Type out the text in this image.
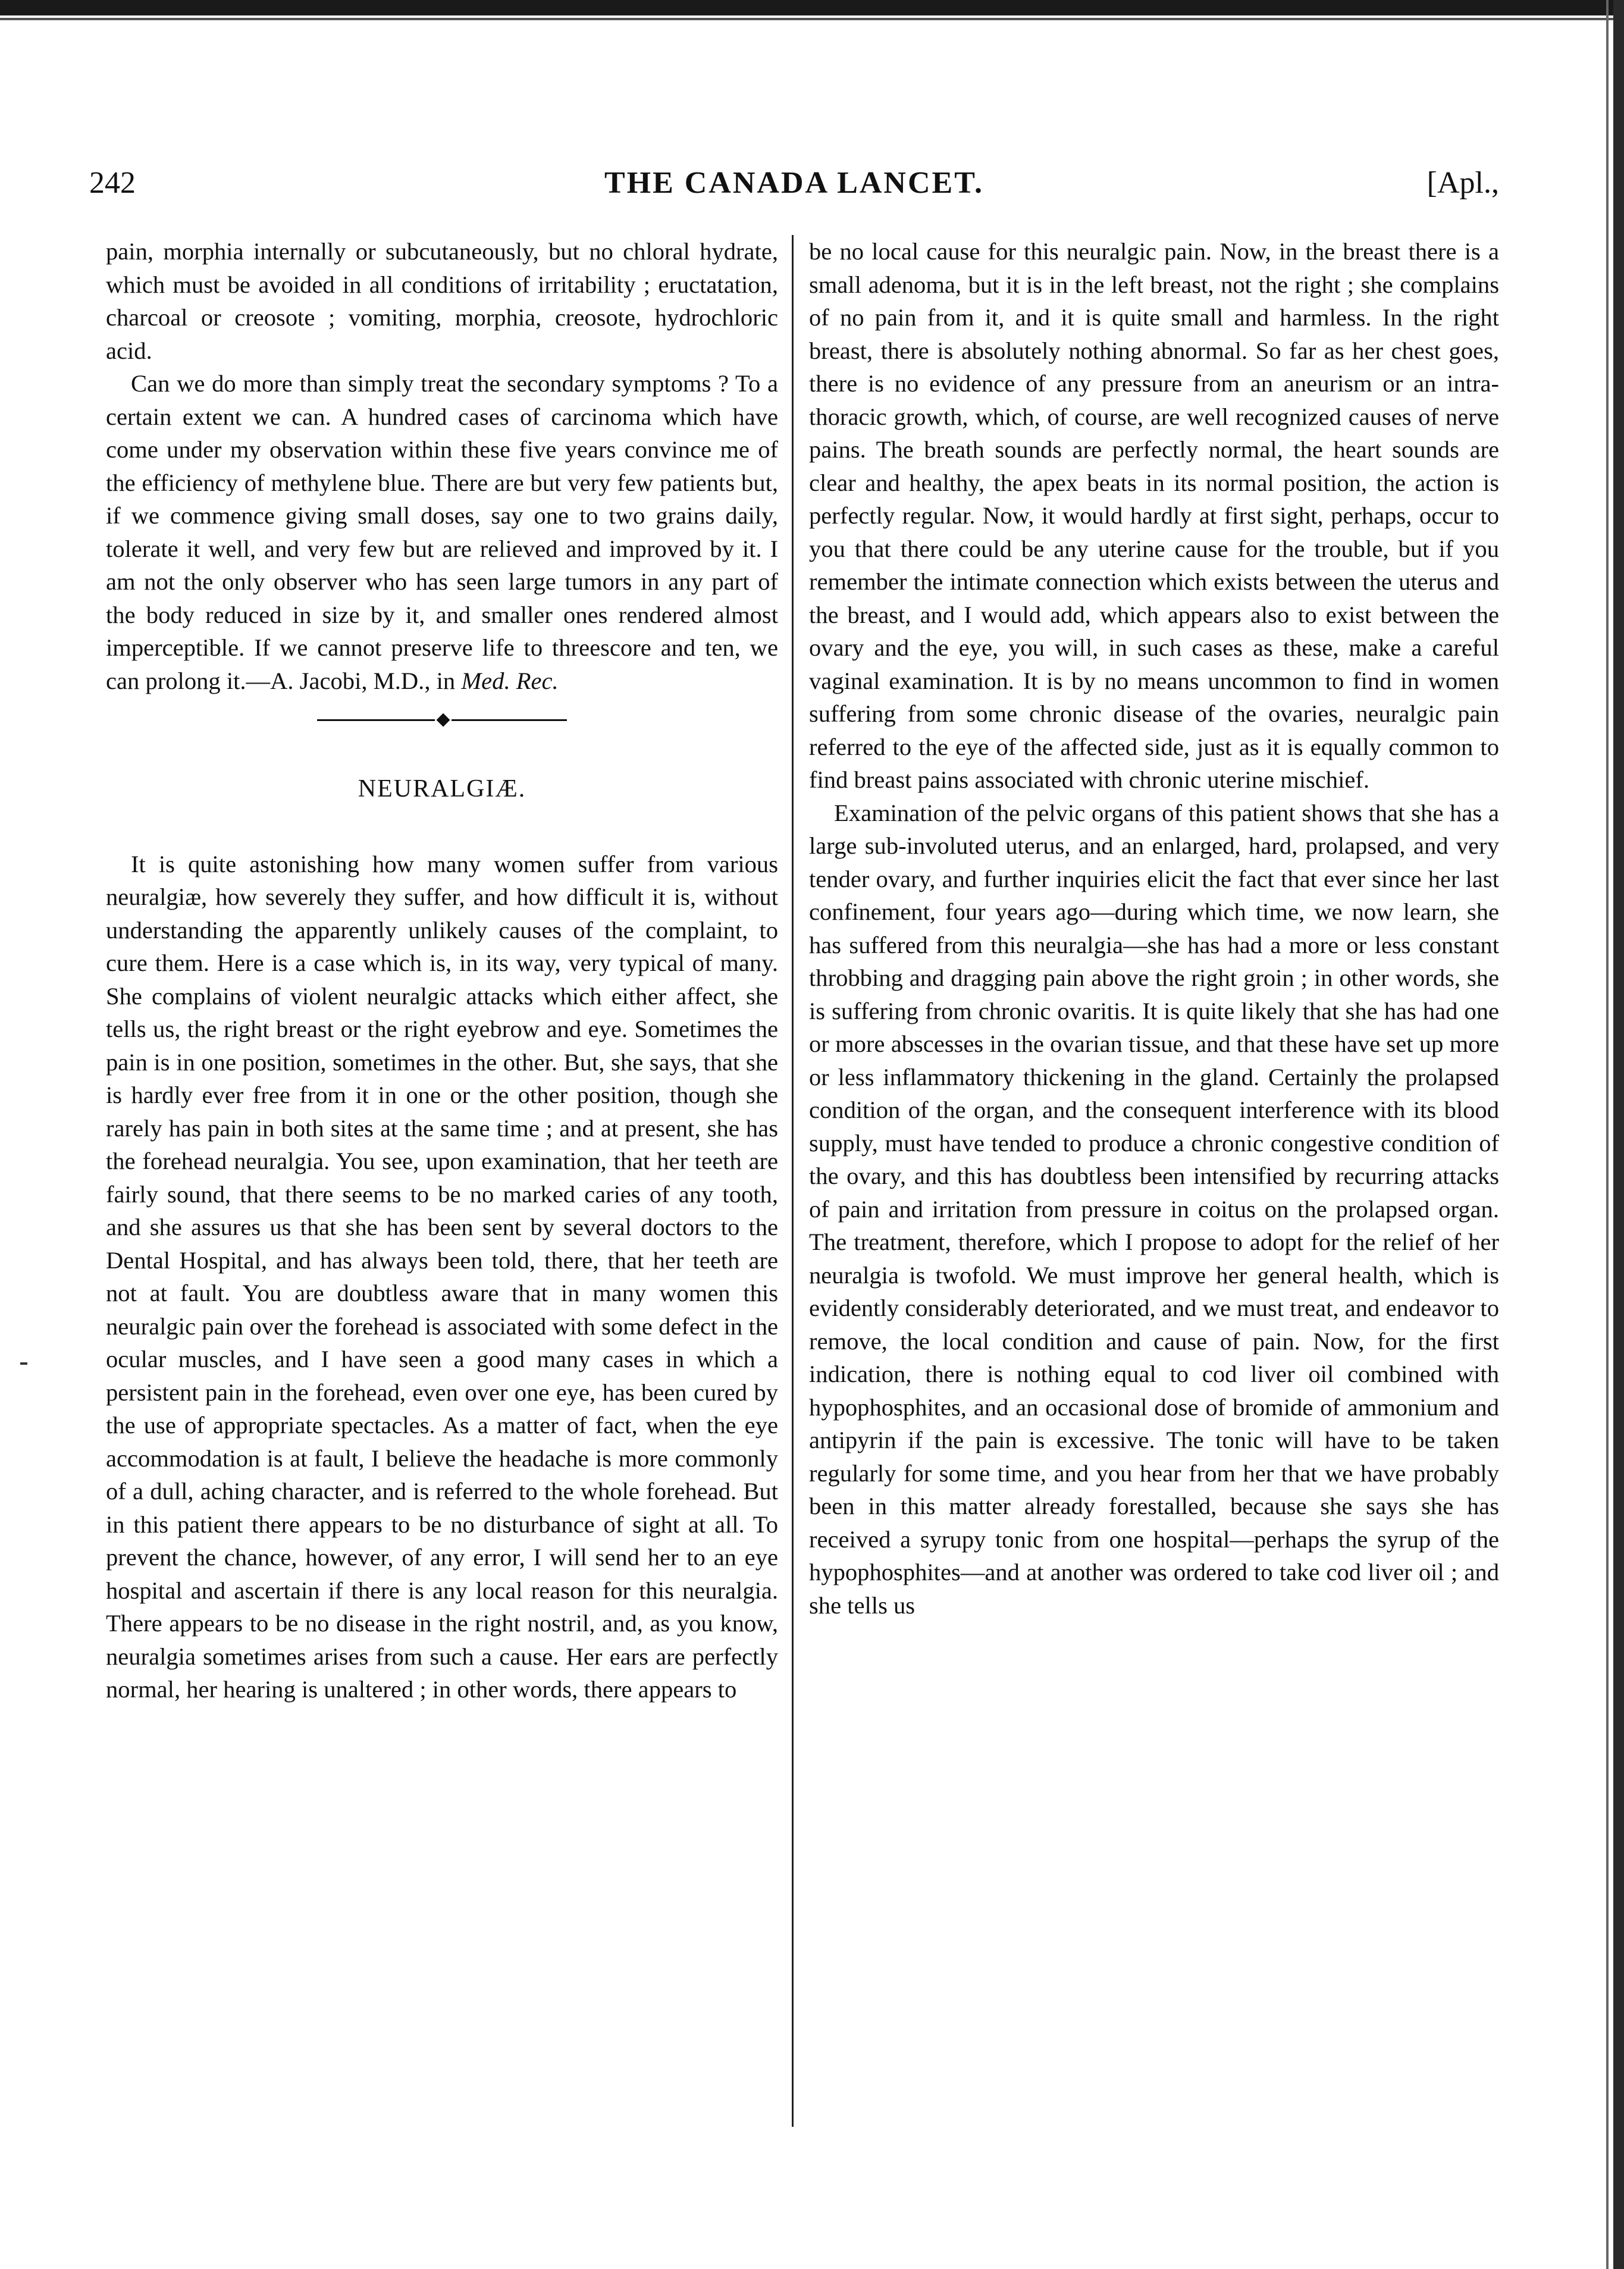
242	THE CANADA LANCET.	[Apl.,

pain, morphia internally or subcutaneously, but no chloral hydrate, which must be avoided in all conditions of irritability ; eructatation, charcoal or creosote ; vomiting, morphia, creosote, hydrochloric acid.

Can we do more than simply treat the secondary symptoms ? To a certain extent we can. A hundred cases of carcinoma which have come under my observation within these five years convince me of the efficiency of methylene blue. There are but very few patients but, if we commence giving small doses, say one to two grains daily, tolerate it well, and very few but are relieved and improved by it. I am not the only observer who has seen large tumors in any part of the body reduced in size by it, and smaller ones rendered almost imperceptible. If we cannot preserve life to threescore and ten, we can prolong it.—A. Jacobi, M.D., in Med. Rec.

◆
NEURALGIÆ.

It is quite astonishing how many women suffer from various neuralgiæ, how severely they suffer, and how difficult it is, without understanding the apparently unlikely causes of the complaint, to cure them. Here is a case which is, in its way, very typical of many. She complains of violent neuralgic attacks which either affect, she tells us, the right breast or the right eyebrow and eye. Sometimes the pain is in one position, sometimes in the other. But, she says, that she is hardly ever free from it in one or the other position, though she rarely has pain in both sites at the same time ; and at present, she has the forehead neuralgia. You see, upon examination, that her teeth are fairly sound, that there seems to be no marked caries of any tooth, and she assures us that she has been sent by several doctors to the Dental Hospital, and has always been told, there, that her teeth are not at fault. You are doubtless aware that in many women this neuralgic pain over the forehead is associated with some defect in the ocular muscles, and I have seen a good many cases in which a persistent pain in the forehead, even over one eye, has been cured by the use of appropriate spectacles. As a matter of fact, when the eye accommodation is at fault, I believe the headache is more commonly of a dull, aching character, and is referred to the whole forehead. But in this patient there appears to be no disturbance of sight at all. To prevent the chance, however, of any error, I will send her to an eye hospital and ascertain if there is any local reason for this neuralgia. There appears to be no disease in the right nostril, and, as you know, neuralgia sometimes arises from such a cause. Her ears are perfectly normal, her hearing is unaltered ; in other words, there appears to

be no local cause for this neuralgic pain. Now, in the breast there is a small adenoma, but it is in the left breast, not the right ; she complains of no pain from it, and it is quite small and harmless. In the right breast, there is absolutely nothing abnormal. So far as her chest goes, there is no evidence of any pressure from an aneurism or an intra-thoracic growth, which, of course, are well recognized causes of nerve pains. The breath sounds are perfectly normal, the heart sounds are clear and healthy, the apex beats in its normal position, the action is perfectly regular. Now, it would hardly at first sight, perhaps, occur to you that there could be any uterine cause for the trouble, but if you remember the intimate connection which exists between the uterus and the breast, and I would add, which appears also to exist between the ovary and the eye, you will, in such cases as these, make a careful vaginal examination. It is by no means uncommon to find in women suffering from some chronic disease of the ovaries, neuralgic pain referred to the eye of the affected side, just as it is equally common to find breast pains associated with chronic uterine mischief.

Examination of the pelvic organs of this patient shows that she has a large sub-involuted uterus, and an enlarged, hard, prolapsed, and very tender ovary, and further inquiries elicit the fact that ever since her last confinement, four years ago—during which time, we now learn, she has suffered from this neuralgia—she has had a more or less constant throbbing and dragging pain above the right groin ; in other words, she is suffering from chronic ovaritis. It is quite likely that she has had one or more abscesses in the ovarian tissue, and that these have set up more or less inflammatory thickening in the gland. Certainly the prolapsed condition of the organ, and the consequent interference with its blood supply, must have tended to produce a chronic congestive condition of the ovary, and this has doubtless been intensified by recurring attacks of pain and irritation from pressure in coitus on the prolapsed organ. The treatment, therefore, which I propose to adopt for the relief of her neuralgia is twofold. We must improve her general health, which is evidently considerably deteriorated, and we must treat, and endeavor to remove, the local condition and cause of pain. Now, for the first indication, there is nothing equal to cod liver oil combined with hypophosphites, and an occasional dose of bromide of ammonium and antipyrin if the pain is excessive. The tonic will have to be taken regularly for some time, and you hear from her that we have probably been in this matter already forestalled, because she says she has received a syrupy tonic from one hospital—perhaps the syrup of the hypophosphites—and at another was ordered to take cod liver oil ; and she tells us
